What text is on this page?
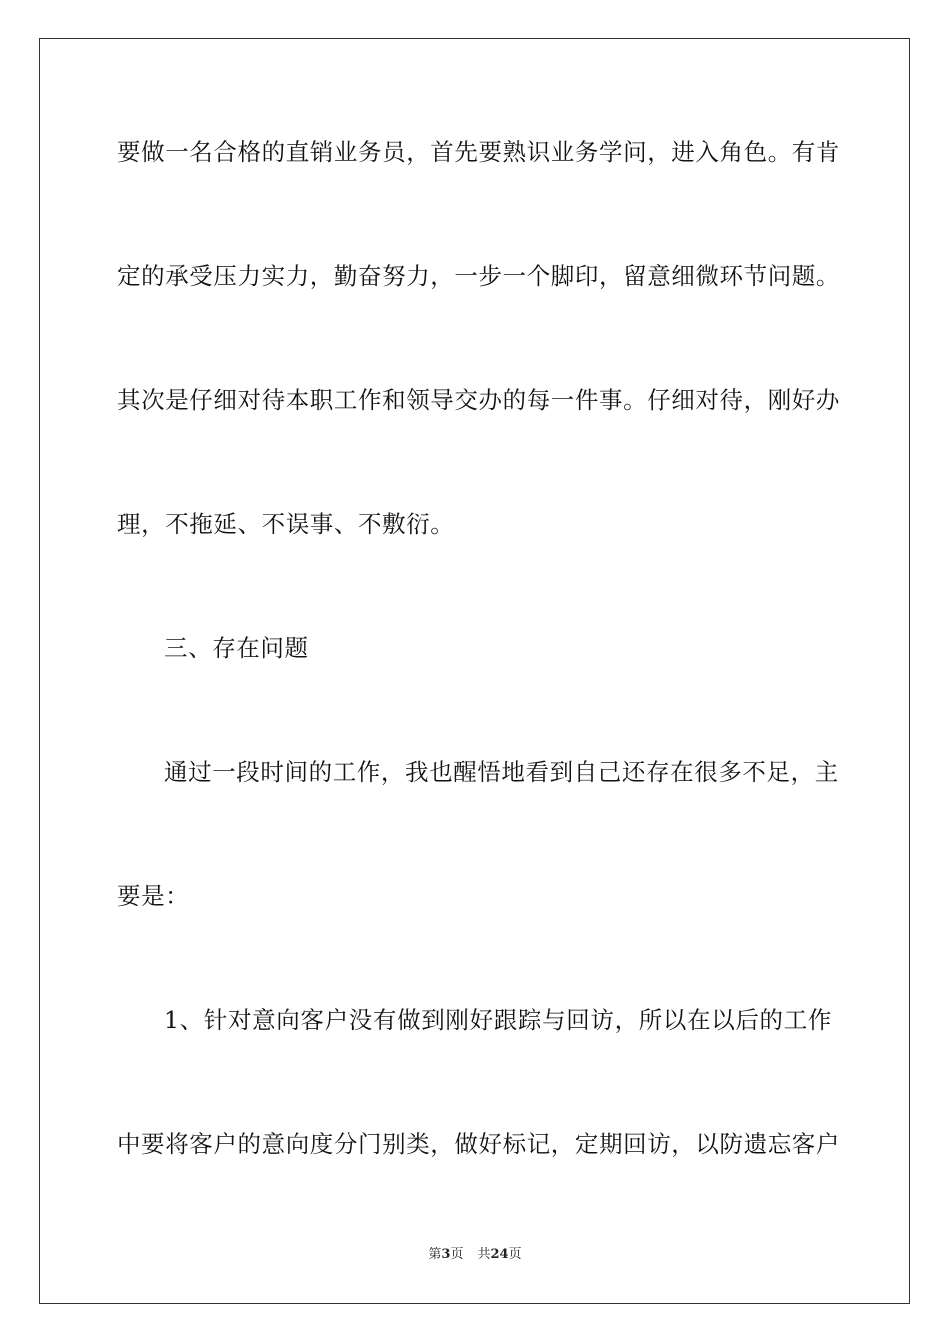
要做一名合格的直销业务员，首先要熟识业务学问，进入角色。有肯
定的承受压力实力，勤奋努力，一步一个脚印，留意细微环节问题。
其次是仔细对待本职工作和领导交办的每一件事。仔细对待，刚好办
理，不拖延、不误事、不敷衍。
三、存在问题
通过一段时间的工作，我也醒悟地看到自己还存在很多不足，主
要是：
1、针对意向客户没有做到刚好跟踪与回访，所以在以后的工作
中要将客户的意向度分门别类，做好标记，定期回访，以防遗忘客户
第3页 共24页
